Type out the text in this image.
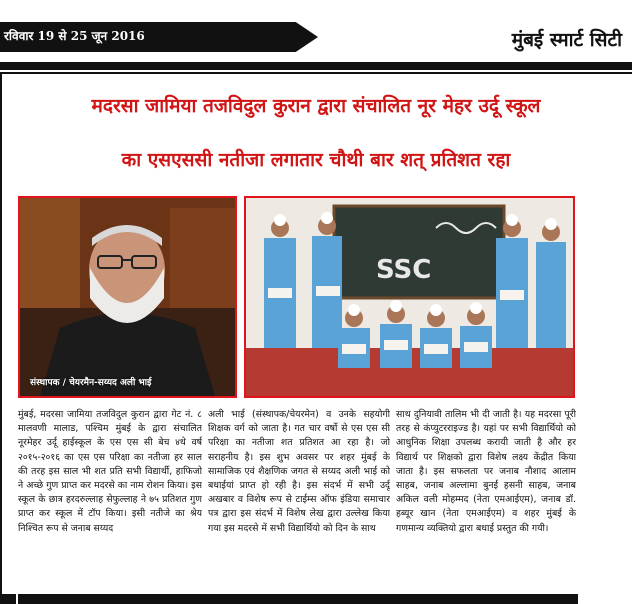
रविवार 19 से 25 जून 2016	मुंबई स्मार्ट सिटी
मदरसा जामिया तजविदुल कुरान द्वारा संचालित नूर मेहर उर्दू स्कूल
का एसएससी नतीजा लगातार चौथी बार शत् प्रतिशत रहा
संस्थापक / चेयरमैन-सय्यद अली भाई
SSC
मुंबई, मदरसा जामिया तजविदुल कुरान द्वारा गेट नं. ८ मालवणी मालाड, पश्चिम मुंबई के द्वारा संचालित नूरमेहर उर्दू हाईस्कूल के एस एस सी बेच ४थे वर्ष २०१५-२०१६ का एस एस परिक्षा का नतीजा हर साल की तरह इस साल भी शत प्रति सभी विद्यार्थी, हाफिजो ने अच्छे गुण प्राप्त कर मदरसे का नाम रोशन किया। इस स्कूल के छात्र हरदरुल्लाह सेफुल्लाह ने ७५ प्रतिशत गुण प्राप्त कर स्कूल में टॉप किया। इसी नतीजे का श्रेय निश्चित रूप से जनाब सय्यद
अली भाई (संस्थापक/चेयरमेन) व उनके सहयोगी शिक्षक वर्ग को जाता है। गत चार वर्षो से एस एस सी परिक्षा का नतीजा शत प्रतिशत आ रहा है। जो सराहनीय है। इस शुभ अवसर पर शहर मुंबई के सामाजिक एवं शैक्षणिक जगत से सय्यद अली भाई को बधाईयां प्राप्त हो रही है। इस संदर्भ में सभी उर्दू अखबार व विशेष रूप से टाईम्स ऑफ इंडिया समाचार पत्र द्वारा इस संदर्भ में विशेष लेख द्वारा उल्लेख किया गया इस मदरसे में सभी विद्यार्थियो को दिन के साथ
साथ दुनियावी तालिम भी दी जाती है। यह मदरसा पूरी तरह से कंप्युटरराइज्ड है। यहां पर सभी विद्यार्थियो को आधुनिक शिक्षा उपलब्ध करायी जाती है और हर विद्यार्थ पर शिक्षको द्वारा विशेष लक्ष्य केंद्रीत किया जाता है। इस सफलता पर जनाब नौशाद आलाम साहब, जनाब अल्लामा बुनई हसनी साहब, जनाब अकिल वली मोहम्मद (नेता एमआईएम), जनाब डॉ. हब्यूर खान (नेता एमआईएम) व शहर मुंबई के गणमान्य व्यक्तियो द्वारा बधाई प्रस्तुत की गयी।
